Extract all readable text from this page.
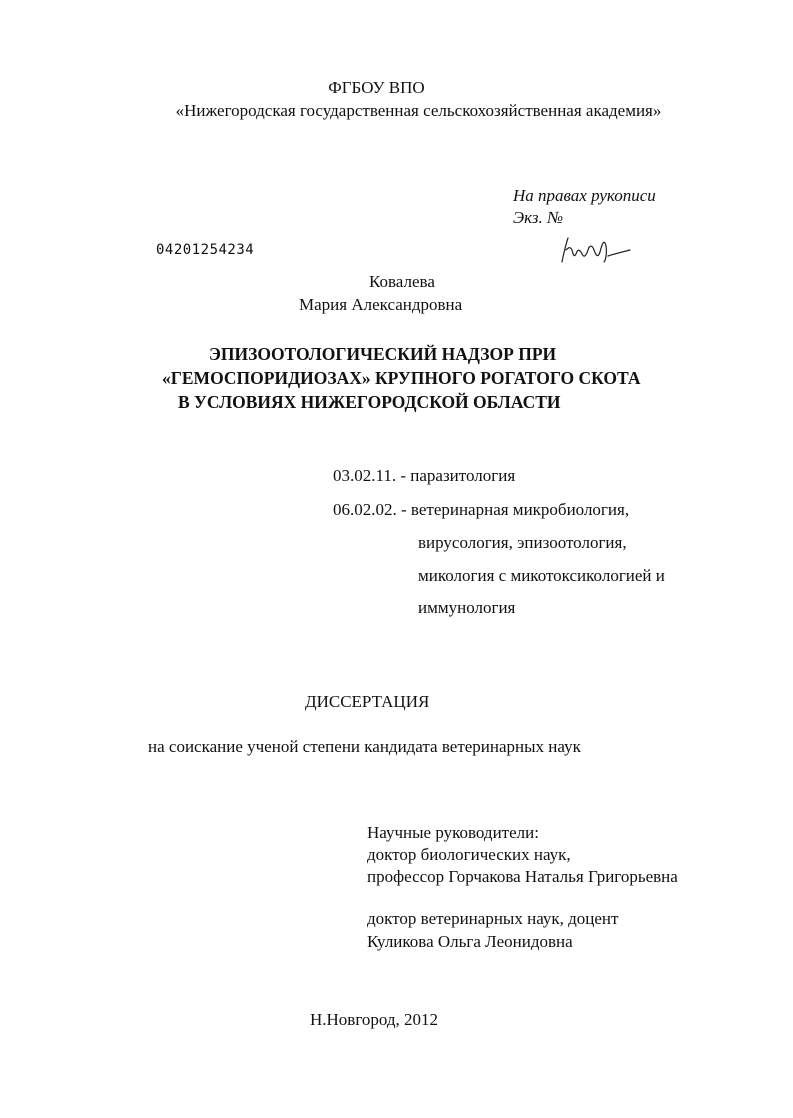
ФГБОУ ВПО
«Нижегородская государственная сельскохозяйственная академия»
На правах рукописи
Экз. №
04201254234
Ковалева
Мария Александровна
ЭПИЗООТОЛОГИЧЕСКИЙ НАДЗОР ПРИ
«ГЕМОСПОРИДИОЗАХ» КРУПНОГО РОГАТОГО СКОТА
В УСЛОВИЯХ НИЖЕГОРОДСКОЙ ОБЛАСТИ
03.02.11. - паразитология
06.02.02. - ветеринарная микробиология,
вирусология, эпизоотология,
микология с микотоксикологией и
иммунология
ДИССЕРТАЦИЯ
на соискание ученой степени кандидата ветеринарных наук
Научные руководители:
доктор биологических наук,
профессор Горчакова Наталья Григорьевна
доктор ветеринарных наук, доцент
Куликова Ольга Леонидовна
Н.Новгород, 2012
